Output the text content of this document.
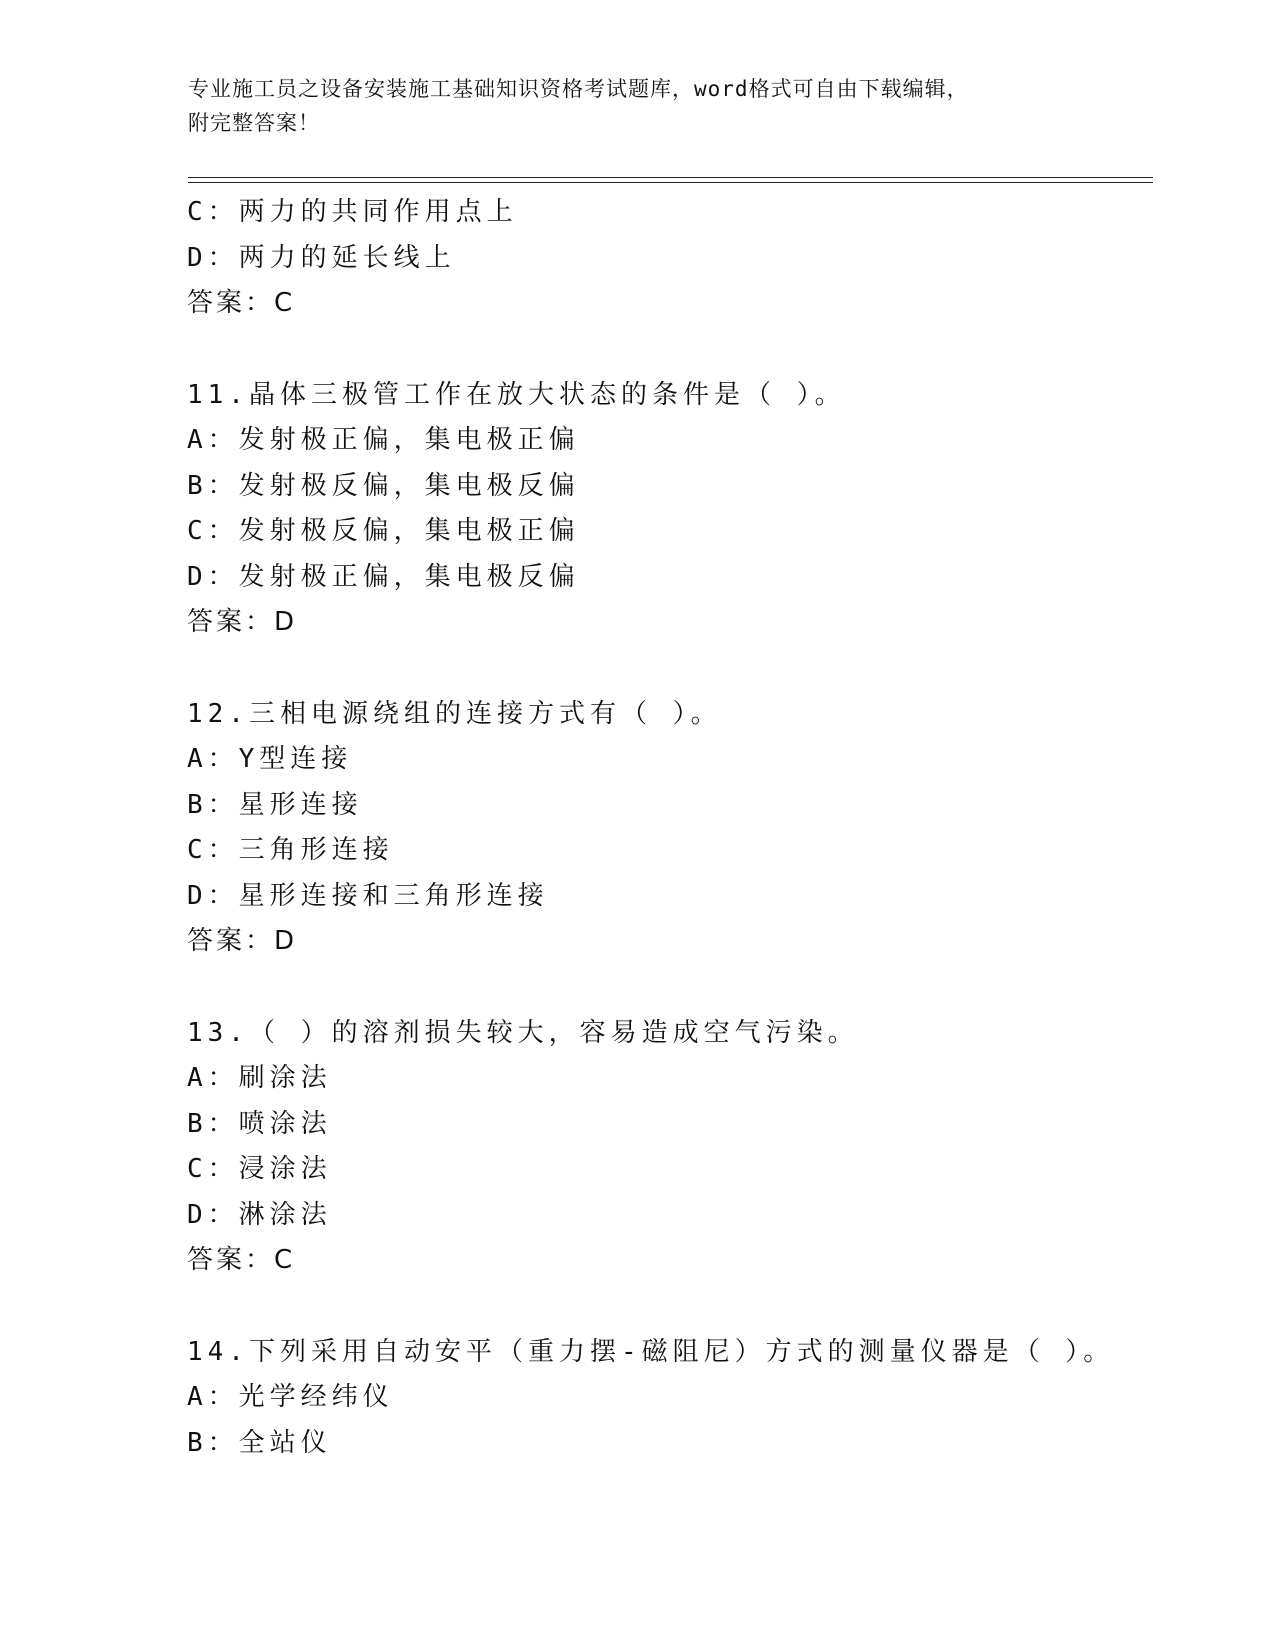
专业施工员之设备安装施工基础知识资格考试题库，word格式可自由下载编辑，
附完整答案！
C：两力的共同作用点上
D：两力的延长线上
答案：C
11.晶体三极管工作在放大状态的条件是（ ）。
A：发射极正偏，集电极正偏
B：发射极反偏，集电极反偏
C：发射极反偏，集电极正偏
D：发射极正偏，集电极反偏
答案：D
12.三相电源绕组的连接方式有（ ）。
A：Y型连接
B：星形连接
C：三角形连接
D：星形连接和三角形连接
答案：D
13.（ ）的溶剂损失较大，容易造成空气污染。
A：刷涂法
B：喷涂法
C：浸涂法
D：淋涂法
答案：C
14.下列采用自动安平（重力摆-磁阻尼）方式的测量仪器是（ ）。
A：光学经纬仪
B：全站仪
